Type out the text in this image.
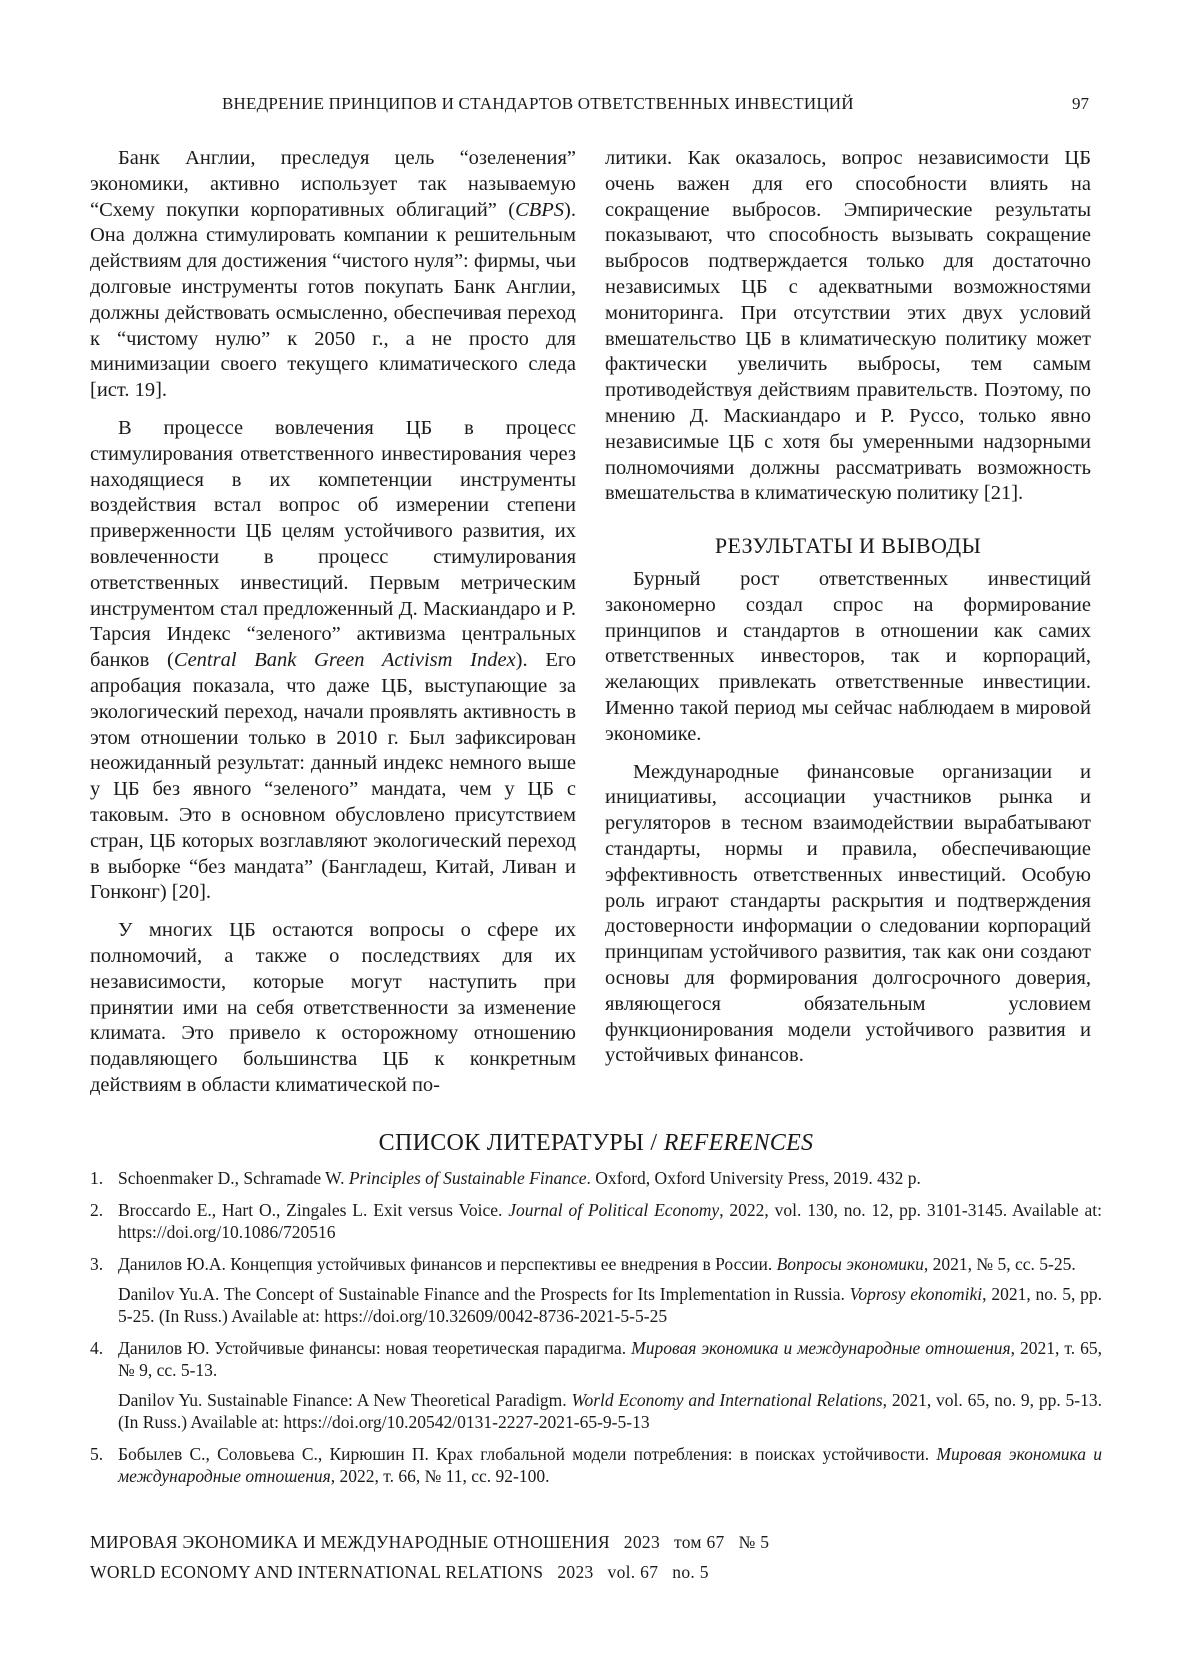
ВНЕДРЕНИЕ ПРИНЦИПОВ И СТАНДАРТОВ ОТВЕТСТВЕННЫХ ИНВЕСТИЦИЙ	97

Банк Англии, преследуя цель “озеленения” экономики, активно использует так называемую “Схему покупки корпоративных облигаций” (CBPS). Она должна стимулировать компании к решительным действиям для достижения “чистого нуля”: фирмы, чьи долговые инструменты готов покупать Банк Англии, должны действовать осмысленно, обеспечивая переход к “чистому нулю” к 2050 г., а не просто для минимизации своего текущего климатического следа [ист. 19].

В процессе вовлечения ЦБ в процесс стимулирования ответственного инвестирования через находящиеся в их компетенции инструменты воздействия встал вопрос об измерении степени приверженности ЦБ целям устойчивого развития, их вовлеченности в процесс стимулирования ответственных инвестиций. Первым метрическим инструментом стал предложенный Д. Маскиандаро и Р. Тарсия Индекс “зеленого” активизма центральных банков (Central Bank Green Activism Index). Его апробация показала, что даже ЦБ, выступающие за экологический переход, начали проявлять активность в этом отношении только в 2010 г. Был зафиксирован неожиданный результат: данный индекс немного выше у ЦБ без явного “зеленого” мандата, чем у ЦБ с таковым. Это в основном обусловлено присутствием стран, ЦБ которых возглавляют экологический переход в выборке “без мандата” (Бангладеш, Китай, Ливан и Гонконг) [20].

У многих ЦБ остаются вопросы о сфере их полномочий, а также о последствиях для их независимости, которые могут наступить при принятии ими на себя ответственности за изменение климата. Это привело к осторожному отношению подавляющего большинства ЦБ к конкретным действиям в области климатической по-

литики. Как оказалось, вопрос независимости ЦБ очень важен для его способности влиять на сокращение выбросов. Эмпирические результаты показывают, что способность вызывать сокращение выбросов подтверждается только для достаточно независимых ЦБ с адекватными возможностями мониторинга. При отсутствии этих двух условий вмешательство ЦБ в климатическую политику может фактически увеличить выбросы, тем самым противодействуя действиям правительств. Поэтому, по мнению Д. Маскиандаро и Р. Руссо, только явно независимые ЦБ с хотя бы умеренными надзорными полномочиями должны рассматривать возможность вмешательства в климатическую политику [21].

РЕЗУЛЬТАТЫ И ВЫВОДЫ

Бурный рост ответственных инвестиций закономерно создал спрос на формирование принципов и стандартов в отношении как самих ответственных инвесторов, так и корпораций, желающих привлекать ответственные инвестиции. Именно такой период мы сейчас наблюдаем в мировой экономике.

Международные финансовые организации и инициативы, ассоциации участников рынка и регуляторов в тесном взаимодействии вырабатывают стандарты, нормы и правила, обеспечивающие эффективность ответственных инвестиций. Особую роль играют стандарты раскрытия и подтверждения достоверности информации о следовании корпораций принципам устойчивого развития, так как они создают основы для формирования долгосрочного доверия, являющегося обязательным условием функционирования модели устойчивого развития и устойчивых финансов.

СПИСОК ЛИТЕРАТУРЫ / REFERENCES
1. Schoenmaker D., Schramade W. Principles of Sustainable Finance. Oxford, Oxford University Press, 2019. 432 p.
2. Broccardo E., Hart O., Zingales L. Exit versus Voice. Journal of Political Economy, 2022, vol. 130, no. 12, pp. 3101-3145. Available at: https://doi.org/10.1086/720516
3. Данилов Ю.А. Концепция устойчивых финансов и перспективы ее внедрения в России. Вопросы экономики, 2021, № 5, сс. 5-25.
Danilov Yu.A. The Concept of Sustainable Finance and the Prospects for Its Implementation in Russia. Voprosy ekonomiki, 2021, no. 5, pp. 5-25. (In Russ.) Available at: https://doi.org/10.32609/0042-8736-2021-5-5-25
4. Данилов Ю. Устойчивые финансы: новая теоретическая парадигма. Мировая экономика и международные отношения, 2021, т. 65, № 9, сс. 5-13.
Danilov Yu. Sustainable Finance: A New Theoretical Paradigm. World Economy and International Relations, 2021, vol. 65, no. 9, pp. 5-13. (In Russ.) Available at: https://doi.org/10.20542/0131-2227-2021-65-9-5-13
5. Бобылев С., Соловьева С., Кирюшин П. Крах глобальной модели потребления: в поисках устойчивости. Мировая экономика и международные отношения, 2022, т. 66, № 11, сс. 92-100.
МИРОВАЯ ЭКОНОМИКА И МЕЖДУНАРОДНЫЕ ОТНОШЕНИЯ 2023 том 67 № 5
WORLD ECONOMY AND INTERNATIONAL RELATIONS 2023 vol. 67 no. 5
